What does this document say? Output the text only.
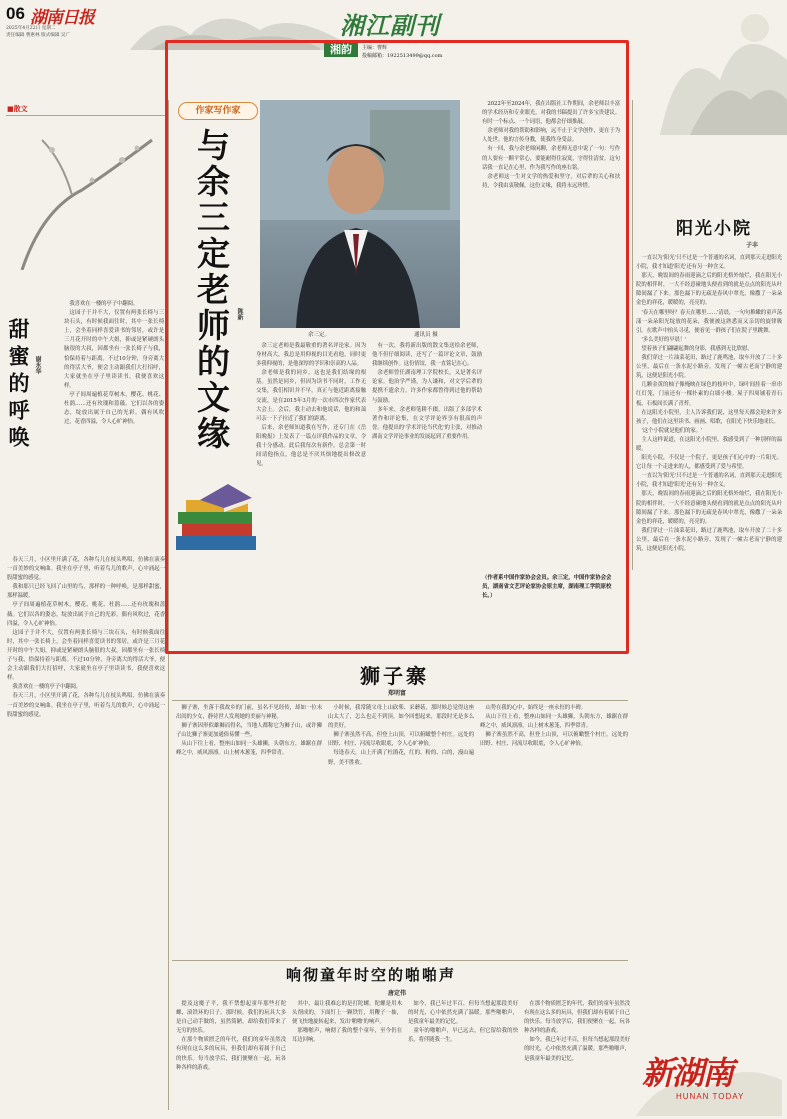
06 湖南日报
2025年4月22日 星期二
责任编辑 曹惠林 版式编辑 吴广	湘江副刊
湘韵	主编：曹辉
投稿邮箱：1922513499@qq.com
■散文
甜蜜的呼唤 谢永华

我喜欢在一楼的亭子中翻阅。

这园子于并不大，仅置有两张长椅与三块石头，有时候我面往时，其中一张长椅上，会坐着同样喜爱读书的邻居，或许是三月花开时的中午大姐，抑或是紧硬朗头脑很的大叔，因都坐有一张长椅子与我，恰保持着与距离。不过10分钟，身旁离大的得活大爷，便会主动跟我们大打招呼，大家就坐在亭子里读读书，我便喜欢这样。

亭子间周遍植花草树木，樱花、桃花、杜鹃……还有玫瑰和蔷薇。它们以各的姿态，绽放出属于自己的光彩。偶有风吹过，花香四溢，令人心旷神怡。

春天三月，小区里开满了花，各种鸟儿在枝头鸣唱，仿佛在演奏一首美妙的交响曲。我坐在亭子里，听着鸟儿的歌声，心中涌起一股甜蜜的感觉。

我和那只已经飞回了山里的鸟，那样的一种呼唤，是那样甜蜜，那样温暖。

亭子间周遍植花草树木，樱花、桃花、杜鹃……还有玫瑰和蔷薇。它们以各的姿态，绽放出属于自己的光彩。偶有风吹过，花香四溢，令人心旷神怡。

这园子于并不大，仅置有两张长椅与三块石头，有时候我面往时，其中一张长椅上，会坐着同样喜爱读书的邻居，或许是三月花开时的中午大姐，抑或是紧硬朗头脑很的大叔，因都坐有一张长椅子与我，恰保持着与距离。不过10分钟，身旁离大的得活大爷，便会主动跟我们大打招呼，大家就坐在亭子里读读书，我便喜欢这样。

我喜欢在一楼的亭子中翻阅。

春天三月，小区里开满了花，各种鸟儿在枝头鸣唱，仿佛在演奏一首美妙的交响曲。我坐在亭子里，听着鸟儿的歌声，心中涌起一股甜蜜的感觉。

作家写作家
与余三定老师的文缘 陈新
余三定。	通讯员 摄

余三定老师是我最敬重的著名评论家。因为身材高大，我总是用仰视的目光看他，同时更多我仰视的，是他深厚的学识和崇高的人品。

余老师是我的同乡，这也是我们结缘的根基。虽然是同乡，但因为读书不同时，工作无交集，我们相识并不早，真正与他近距离接触交流，是在2015年3月的一次市四次作家代表大会上。会后，我主动去和他说话，他的和蔼可亲一下子拉近了我们的距离。

后来，余老师知道我在写作，还专门在《岳阳晚报》上发表了一篇点评我作品的文章，令我十分感动。此后我每次有新作，总会第一时间请他指点，他总是不厌其烦地提出修改意见。

有一次，我将新出版的散文集送给余老师，他不但仔细阅读，还写了一篇评论文章，鼓励我继续创作。这份情谊，我一直铭记在心。

余老师曾任湖南理工学院校长，又是著名评论家。他治学严谨，为人谦和，对文学后辈的提携不遗余力。许多作家都曾得到过他的帮助与鼓励。

多年来，余老师笔耕不辍，出版了多部学术著作和评论集，在文学评论界享有很高的声誉。他提出的'学术评论当代化'的主张，对推动湖南文学评论事业的发展起到了重要作用。

2022年至2024年，我在出版社工作期间，余老师以丰富的学术经历和专业眼光，对我的书稿提出了许多宝贵建议。有时一个标点、一个词语，他都会仔细推敲。

余老师对我的帮助和影响，远不止于文学创作，更在于为人处世。他的言传身教，使我终身受益。

有一回，我与余老师闲聊，余老师无意中说了一句：写作的人要有一颗平常心，要能耐得住寂寞，守得住清贫。这句话我一直记在心里，作为我写作的座右铭。

余老师这一生对文学的热爱和坚守，对后辈的关心和扶持，令我由衷敬佩。这份文缘，我将永远珍惜。

（作者系中国作家协会会员。余三定，中国作家协会会员，湖南省文艺评论家协会原主席，湖南理工学院原校长。）
阳光小院
子丰

一直以为'阳光'只不过是一个普通的名词，直到那天走进阳光小院，我才知道'阳光'还有另一种含义。

那天，晚饭间的春雨迎滴之后的阳光格外灿烂，我在阳光小院的相伴时，一大不经意碰地头便看到的就是点点的阳光从叶隙间漏了下来。那色漏下的无疏是春风中翠光，像撒了一朵朵金色的祥花，暖暖的，亮亮的。

'春天在哪里呀？春天在哪里……'清晨，一句句稚嫩的童声荡漾一朵朵阳光绽放的花朵，我便被这熟悉而又亲切的旋律吸引。在歌声中抬头寻觅，便看见一群孩子们在院子里跳舞。

'多么美好的早晨！'

望着孩子们翩翩起舞的身影，我感到无比欣慰。

我们穿过一片油菜花田，路过了鹿鸣池，取车开放了二十多公里，最后在一条水泥小路旁，发现了一幢古老而宁静的建筑，这便是阳光小院。

几颗金黄的柚子像掩映在绿色的枝叶中，绿叶间挂着一串串红灯笼，门前还有一棵扑素的白墙小楼。屋子四周铺着青石板，石板间长满了青苔。

在这阳光小院里，主人告诉我们说，这里每天都会迎来许多孩子，他们在这里读书、画画、唱歌，在阳光下快乐地成长。

'这个小院就是他们的家。'

主人这样说道，在这阳光小院里，我感受到了一种别样的温暖。

阳光小院，不仅是一个院子，更是孩子们心中的一片阳光。它让每一个走进来的人，都感受到了爱与希望。

一直以为'阳光'只不过是一个普通的名词，直到那天走进阳光小院，我才知道'阳光'还有另一种含义。

那天，晚饭间的春雨迎滴之后的阳光格外灿烂，我在阳光小院的相伴时，一大不经意碰地头便看到的就是点点的阳光从叶隙间漏了下来。那色漏下的无疏是春风中翠光，像撒了一朵朵金色的祥花，暖暖的，亮亮的。

我们穿过一片油菜花田，路过了鹿鸣池，取车开放了二十多公里，最后在一条水泥小路旁，发现了一幢古老而宁静的建筑，这便是阳光小院。

狮子寨
郑明富

狮子寨，坐落于我故乡的门前，虽名不见经传，却如一位未出闺的少女，静待世人发现她的美丽与神秘。

狮子寨因形似雄狮而得名，当地人都称它为狮子山，或许狮子山比狮子寨更加通俗易懂一些。

从山下往上看，整座山如同一头雄狮，头朝东方，雄踞在群峰之中，威风凛凛。山上树木葱茏，四季常青。

小时候，我常随父母上山砍柴、采蘑菇，那时候总觉得这座山太大了，怎么也走不到顶。如今回想起来，那段时光是多么的美好。

狮子寨虽然不高，但登上山顶，可以俯瞰整个村庄。远处的田野、村庄、河流尽收眼底，令人心旷神怡。

每逢春天，山上开满了杜鹃花，红的、粉的、白的，漫山遍野，美不胜收。

山势在我的心中，始终是一座永恒的丰碑。

从山下往上看，整座山如同一头雄狮，头朝东方，雄踞在群峰之中，威风凛凛。山上树木葱茏，四季常青。

狮子寨虽然不高，但登上山顶，可以俯瞰整个村庄。远处的田野、村庄、河流尽收眼底，令人心旷神怡。

响彻童年时空的啪啪声
唐定伟

提及这魔子平，我不禁想起童年那些打陀螺、滚铁环的日子。那时候，我们的玩具大多是自己动手做的，虽然简陋，却给我们带来了无穷的快乐。

在那个物质匮乏的年代，我们的童年虽然没有现在这么多的玩具，但我们却有着属于自己的快乐。每当放学后，我们便聚在一起，玩各种各样的游戏。

其中，最让我难忘的是打陀螺。陀螺是用木头削成的，下面钉上一颗铁钉，用鞭子一抽，便飞快地旋转起来，发出'啪啪'的响声。

那啪啪声，响彻了我的整个童年，至今仍在耳边回响。

如今，我已年过半百，但每当想起那段美好的时光，心中依然充满了温暖。那些啪啪声，是我童年最美的记忆。

童年的啪啪声，早已远去，但它留给我的快乐，将伴随我一生。

在那个物质匮乏的年代，我们的童年虽然没有现在这么多的玩具，但我们却有着属于自己的快乐。每当放学后，我们便聚在一起，玩各种各样的游戏。

如今，我已年过半百，但每当想起那段美好的时光，心中依然充满了温暖。那些啪啪声，是我童年最美的记忆。	新湖南
HUNAN TODAY
